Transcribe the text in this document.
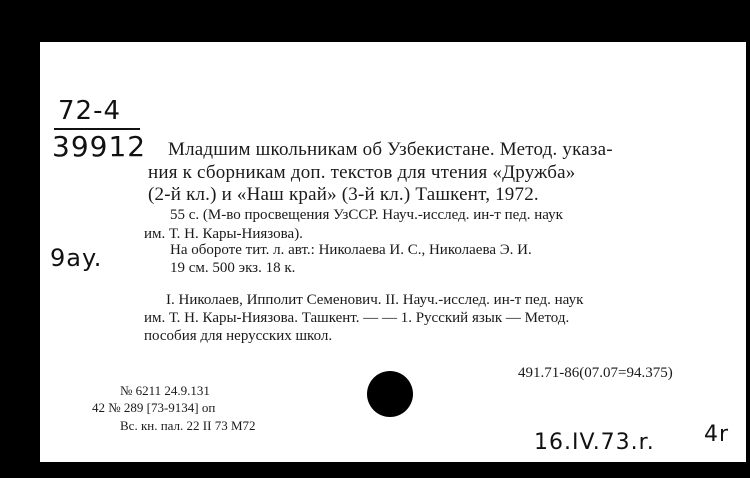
72-4
39912
9ay.
Младшим школьникам об Узбекистане. Метод. указа-
ния к сборникам доп. текстов для чтения «Дружба»
(2-й кл.) и «Наш край» (3-й кл.) Ташкент, 1972.
55 с. (М-во просвещения УзССР. Науч.-исслед. ин-т пед. наук
им. Т. Н. Кары-Ниязова).
На обороте тит. л. авт.: Николаева И. С., Николаева Э. И.
19 см. 500 экз. 18 к.
I. Николаев, Ипполит Семенович. II. Науч.-исслед. ин-т пед. наук
им. Т. Н. Кары-Ниязова. Ташкент. — — 1. Русский язык — Метод.
пособия для нерусских школ.
491.71-86(07.07=94.375)
№ 6211 24.9.131
42 № 289 [73-9134] оп
Вс. кн. пал. 22 II 73 М72
16.IV.73.r. 4r
